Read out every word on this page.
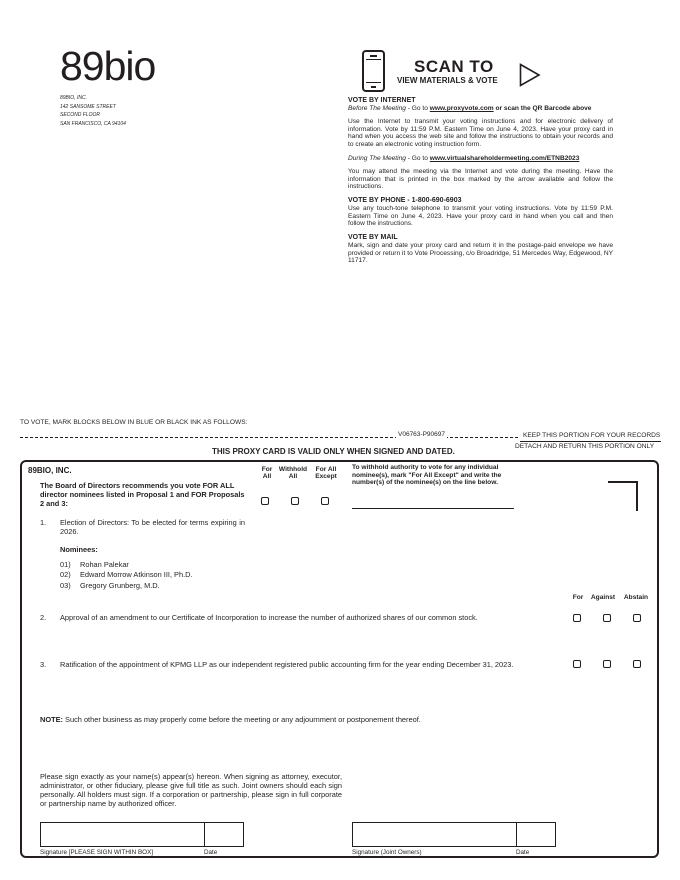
89bio
89BIO, INC.
142 SANSOME STREET
SECOND FLOOR
SAN FRANCISCO, CA 94104
SCAN TO
VIEW MATERIALS & VOTE
VOTE BY INTERNET
Before The Meeting - Go to www.proxyvote.com or scan the QR Barcode above
Use the Internet to transmit your voting instructions and for electronic delivery of information. Vote by 11:59 P.M. Eastern Time on June 4, 2023. Have your proxy card in hand when you access the web site and follow the instructions to obtain your records and to create an electronic voting instruction form.
During The Meeting - Go to www.virtualshareholdermeeting.com/ETNB2023
You may attend the meeting via the Internet and vote during the meeting. Have the information that is printed in the box marked by the arrow available and follow the instructions.
VOTE BY PHONE - 1-800-690-6903
Use any touch-tone telephone to transmit your voting instructions. Vote by 11:59 P.M. Eastern Time on June 4, 2023. Have your proxy card in hand when you call and then follow the instructions.
VOTE BY MAIL
Mark, sign and date your proxy card and return it in the postage-paid envelope we have provided or return it to Vote Processing, c/o Broadridge, 51 Mercedes Way, Edgewood, NY 11717.
TO VOTE, MARK BLOCKS BELOW IN BLUE OR BLACK INK AS FOLLOWS:
V06763-P90697	KEEP THIS PORTION FOR YOUR RECORDS
DETACH AND RETURN THIS PORTION ONLY
THIS PROXY CARD IS VALID ONLY WHEN SIGNED AND DATED.
89BIO, INC.
The Board of Directors recommends you vote FOR ALL director nominees listed in Proposal 1 and FOR Proposals 2 and 3:
For
All
Withhold
All
For All
Except
To withhold authority to vote for any individual nominee(s), mark "For All Except" and write the number(s) of the nominee(s) on the line below.
1. Election of Directors: To be elected for terms expiring in 2026.
Nominees:
01) Rohan Palekar
02) Edward Morrow Atkinson III, Ph.D.
03) Gregory Grunberg, M.D.
For	Against	Abstain
2. Approval of an amendment to our Certificate of Incorporation to increase the number of authorized shares of our common stock.
3. Ratification of the appointment of KPMG LLP as our independent registered public accounting firm for the year ending December 31, 2023.
NOTE: Such other business as may properly come before the meeting or any adjournment or postponement thereof.
Please sign exactly as your name(s) appear(s) hereon. When signing as attorney, executor, administrator, or other fiduciary, please give full title as such. Joint owners should each sign personally. All holders must sign. If a corporation or partnership, please sign in full corporate or partnership name by authorized officer.
Signature [PLEASE SIGN WITHIN BOX]	Date	Signature (Joint Owners)	Date
